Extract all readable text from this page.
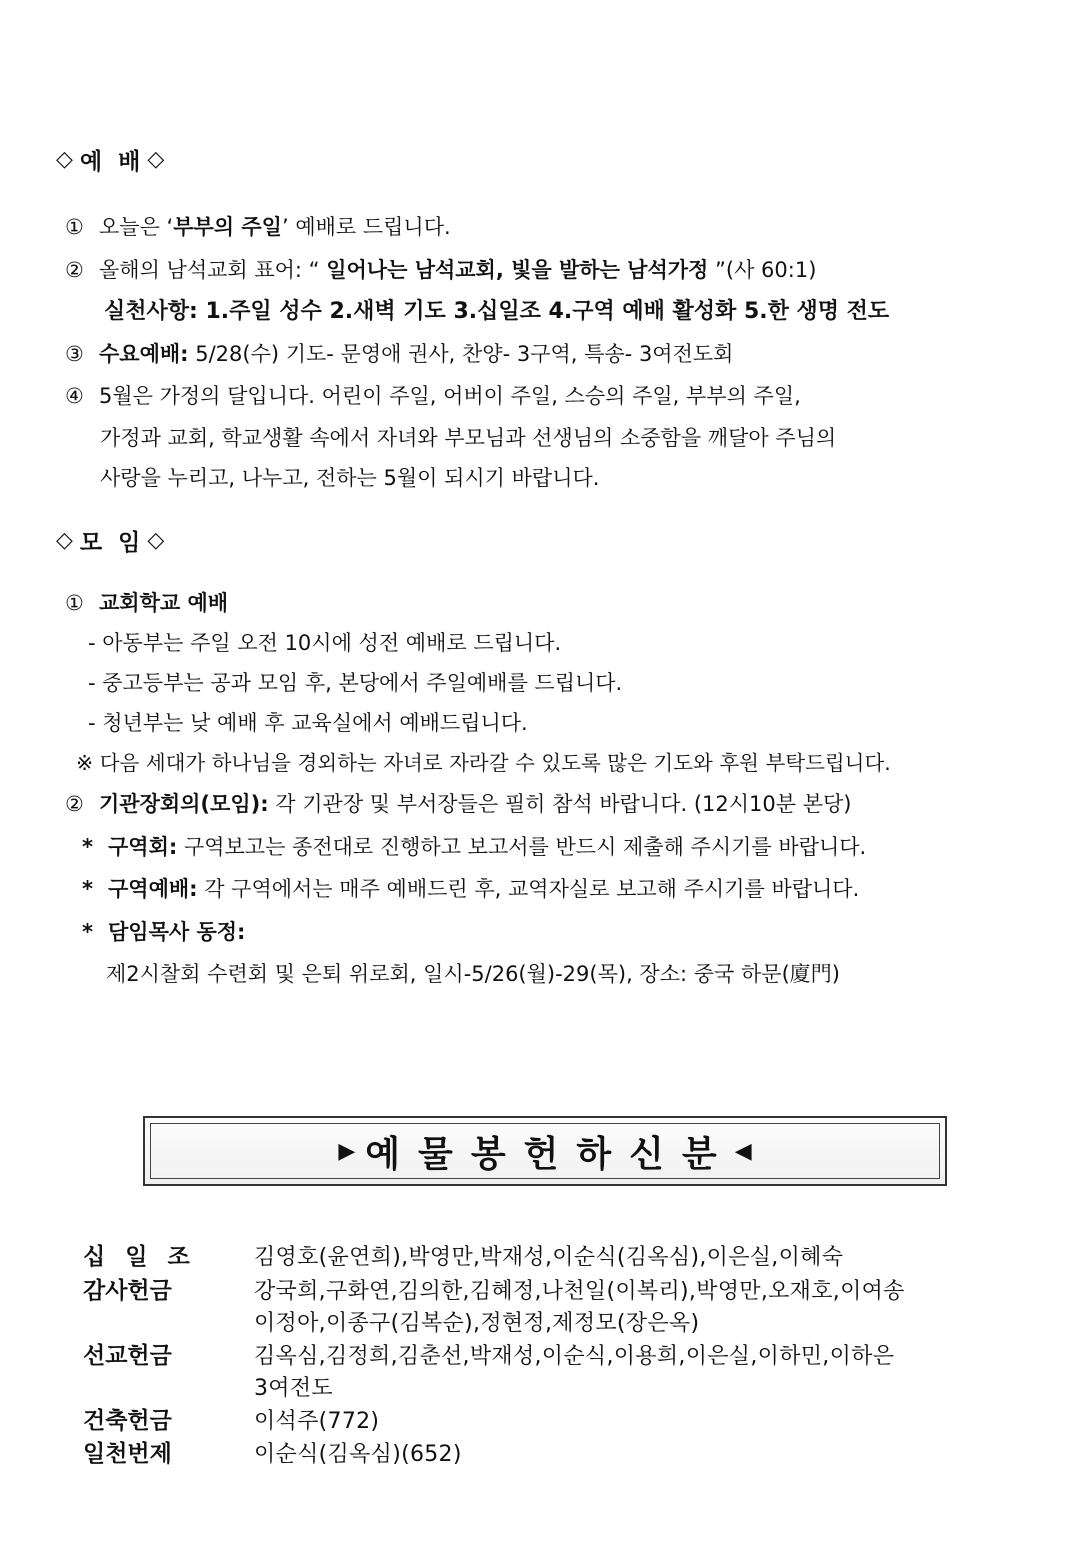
◇ 예 배 ◇
① 오늘은 ‘부부의 주일’ 예배로 드립니다.
② 올해의 남석교회 표어: “ 일어나는 남석교회, 빛을 발하는 남석가정 ”(사 60:1)
실천사항: 1.주일 성수 2.새벽 기도 3.십일조 4.구역 예배 활성화 5.한 생명 전도
③ 수요예배: 5/28(수) 기도- 문영애 권사, 찬양- 3구역, 특송- 3여전도회
④ 5월은 가정의 달입니다. 어린이 주일, 어버이 주일, 스승의 주일, 부부의 주일,
가정과 교회, 학교생활 속에서 자녀와 부모님과 선생님의 소중함을 깨달아 주님의
사랑을 누리고, 나누고, 전하는 5월이 되시기 바랍니다.
◇ 모 임 ◇
① 교회학교 예배
- 아동부는 주일 오전 10시에 성전 예배로 드립니다.
- 중고등부는 공과 모임 후, 본당에서 주일예배를 드립니다.
- 청년부는 낮 예배 후 교육실에서 예배드립니다.
※ 다음 세대가 하나님을 경외하는 자녀로 자라갈 수 있도록 많은 기도와 후원 부탁드립니다.
② 기관장회의(모임): 각 기관장 및 부서장들은 필히 참석 바랍니다. (12시10분 본당)
* 구역회: 구역보고는 종전대로 진행하고 보고서를 반드시 제출해 주시기를 바랍니다.
* 구역예배: 각 구역에서는 매주 예배드린 후, 교역자실로 보고해 주시기를 바랍니다.
* 담임목사 동정:
제2시찰회 수련회 및 은퇴 위로회, 일시-5/26(월)-29(목), 장소: 중국 하문(廈門)
▶ 예물봉헌하신분 ◀
십 일 조	김영호(윤연희),박영만,박재성,이순식(김옥심),이은실,이혜숙
감사헌금	강국희,구화연,김의한,김혜정,나천일(이복리),박영만,오재호,이여송
이정아,이종구(김복순),정현정,제정모(장은옥)
선교헌금	김옥심,김정희,김춘선,박재성,이순식,이용희,이은실,이하민,이하은
3여전도
건축헌금	이석주(772)
일천번제	이순식(김옥심)(652)
